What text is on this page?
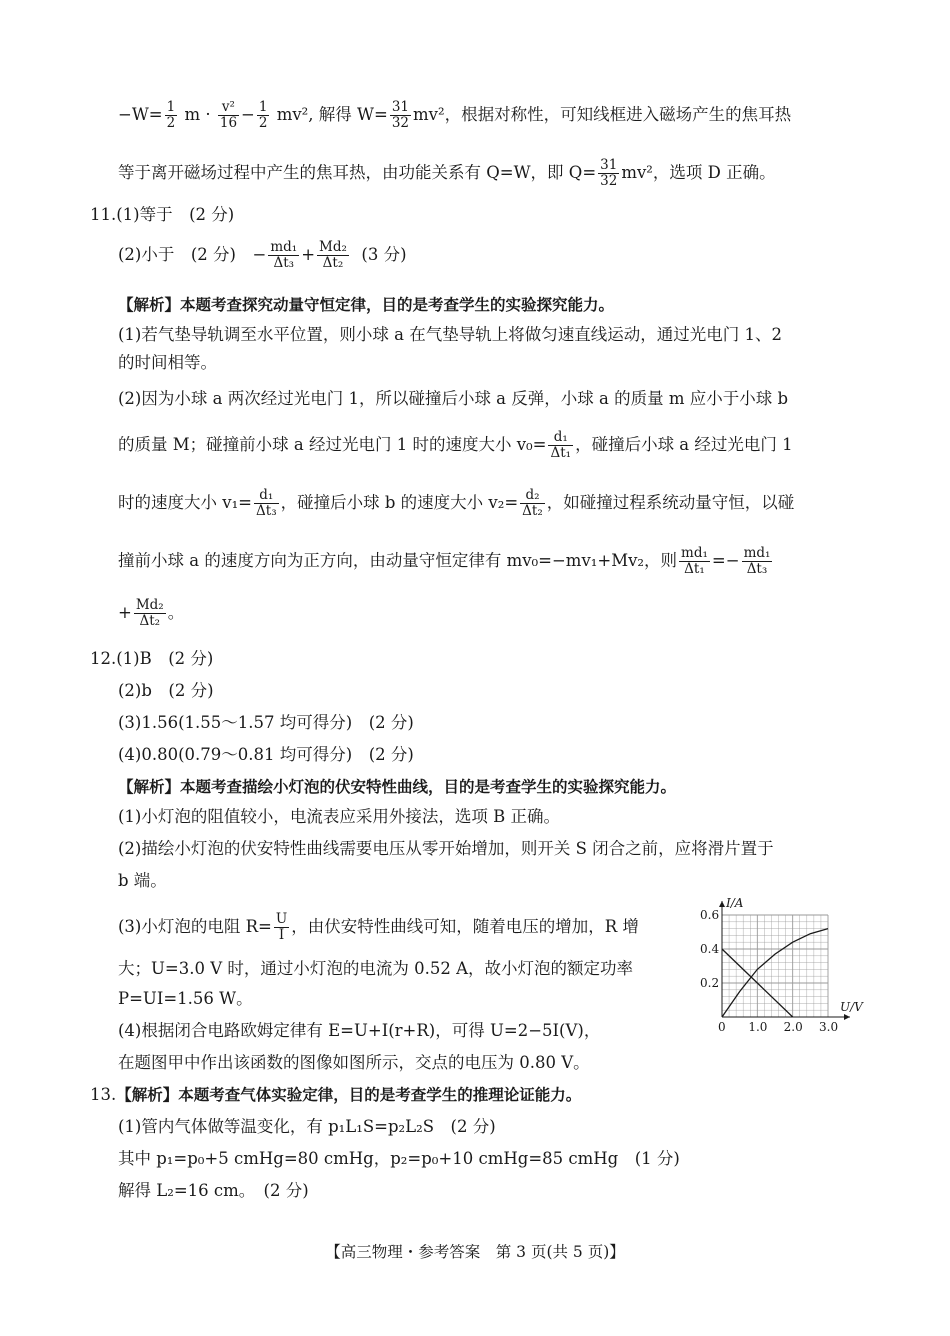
$-W= \frac{1}{2}$ $m \cdot \frac{\text{v²}}{16} - \frac{1}{2} mv^2$, 解得 $W= \frac{31}{32} mv^2$，根据对称性，可知线框进入磁场产生的焦耳热
等于离开磁场过程中产生的焦耳热，由功能关系有 Q=W，即 $Q= \frac{31}{32} mv^2$，选项 D 正确。
11.(1)等于　(2 分)
(2)小于　(2 分)　− $\frac{\text{md₁}}{\text{Δt₃}} + \frac{\text{Md₂}}{\text{Δt₂}} (3$ 分)
【解析】本题考查探究动量守恒定律，目的是考查学生的实验探究能力。
(1)若气垫导轨调至水平位置，则小球 a 在气垫导轨上将做匀速直线运动，通过光电门 1、2
的时间相等。
(2)因为小球 a 两次经过光电门 1，所以碰撞后小球 a 反弹，小球 a 的质量 m 应小于小球 b
的质量 M；碰撞前小球 a 经过光电门 1 时的速度大小 $v_0= \frac{\text{d₁}}{\text{Δt₁}}$ ，碰撞后小球 a 经过光电门 1
时的速度大小 $v_1= \frac{\text{d₁}}{\text{Δt₃}}$ ，碰撞后小球 b 的速度大小 $v_2= \frac{\text{d₂}}{\text{Δt₂}}$ ，如碰撞过程系统动量守恒，以碰
撞前小球 a 的速度方向为正方向，由动量守恒定律有 mv₀=−mv₁+Mv₂，则 $\frac{\text{md₁}}{\text{Δt₁}} =- \frac{\text{md₁}}{\text{Δt₃}}$
+ $\frac{\text{Md₂}}{\text{Δt₂}}$ 。
12.(1)B　(2 分)
(2)b　(2 分)
(3)1.56(1.55～1.57 均可得分)　(2 分)
(4)0.80(0.79～0.81 均可得分)　(2 分)
【解析】本题考查描绘小灯泡的伏安特性曲线，目的是考查学生的实验探究能力。
(1)小灯泡的阻值较小，电流表应采用外接法，选项 B 正确。
(2)描绘小灯泡的伏安特性曲线需要电压从零开始增加，则开关 S 闭合之前，应将滑片置于
b 端。
(3)小灯泡的电阻 $R= \frac{U}{I}$ ，由伏安特性曲线可知，随着电压的增加，R 增
大；U=3.0 V 时，通过小灯泡的电流为 0.52 A，故小灯泡的额定功率
P=UI=1.56 W。
(4)根据闭合电路欧姆定律有 E=U+I(r+R)，可得 U=2−5I(V)，
在题图甲中作出该函数的图像如图所示，交点的电压为 0.80 V。
0 1.0 2.0 3.0
0.2
0.4
0.6
I/A
U/V
13.【解析】本题考查气体实验定律，目的是考查学生的推理论证能力。
(1)管内气体做等温变化，有 p₁L₁S=p₂L₂S　(2 分)
其中 p₁=p₀+5 cmHg=80 cmHg，p₂=p₀+10 cmHg=85 cmHg　(1 分)
解得 L₂=16 cm。　(2 分)
【高三物理・参考答案　第 3 页(共 5 页)】
